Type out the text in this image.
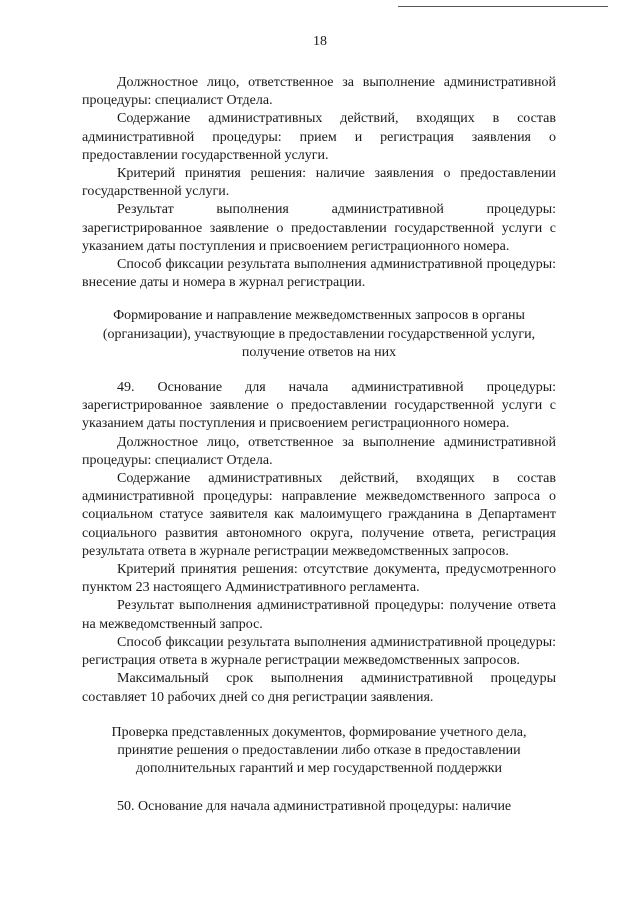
18

Должностное лицо, ответственное за выполнение административной процедуры: специалист Отдела.

Содержание административных действий, входящих в состав административной процедуры: прием и регистрация заявления о предоставлении государственной услуги.

Критерий принятия решения: наличие заявления о предоставлении государственной услуги.

Результат выполнения административной процедуры: зарегистрированное заявление о предоставлении государственной услуги с указанием даты поступления и присвоением регистрационного номера.

Способ фиксации результата выполнения административной процедуры: внесение даты и номера в журнал регистрации.

Формирование и направление межведомственных запросов в органы (организации), участвующие в предоставлении государственной услуги, получение ответов на них

49. Основание для начала административной процедуры: зарегистрированное заявление о предоставлении государственной услуги с указанием даты поступления и присвоением регистрационного номера.

Должностное лицо, ответственное за выполнение административной процедуры: специалист Отдела.

Содержание административных действий, входящих в состав административной процедуры: направление межведомственного запроса о социальном статусе заявителя как малоимущего гражданина в Департамент социального развития автономного округа, получение ответа, регистрация результата ответа в журнале регистрации межведомственных запросов.

Критерий принятия решения: отсутствие документа, предусмотренного пунктом 23 настоящего Административного регламента.

Результат выполнения административной процедуры: получение ответа на межведомственный запрос.

Способ фиксации результата выполнения административной процедуры: регистрация ответа в журнале регистрации межведомственных запросов.

Максимальный срок выполнения административной процедуры составляет 10 рабочих дней со дня регистрации заявления.

Проверка представленных документов, формирование учетного дела, принятие решения о предоставлении либо отказе в предоставлении дополнительных гарантий и мер государственной поддержки

50. Основание для начала административной процедуры: наличие
